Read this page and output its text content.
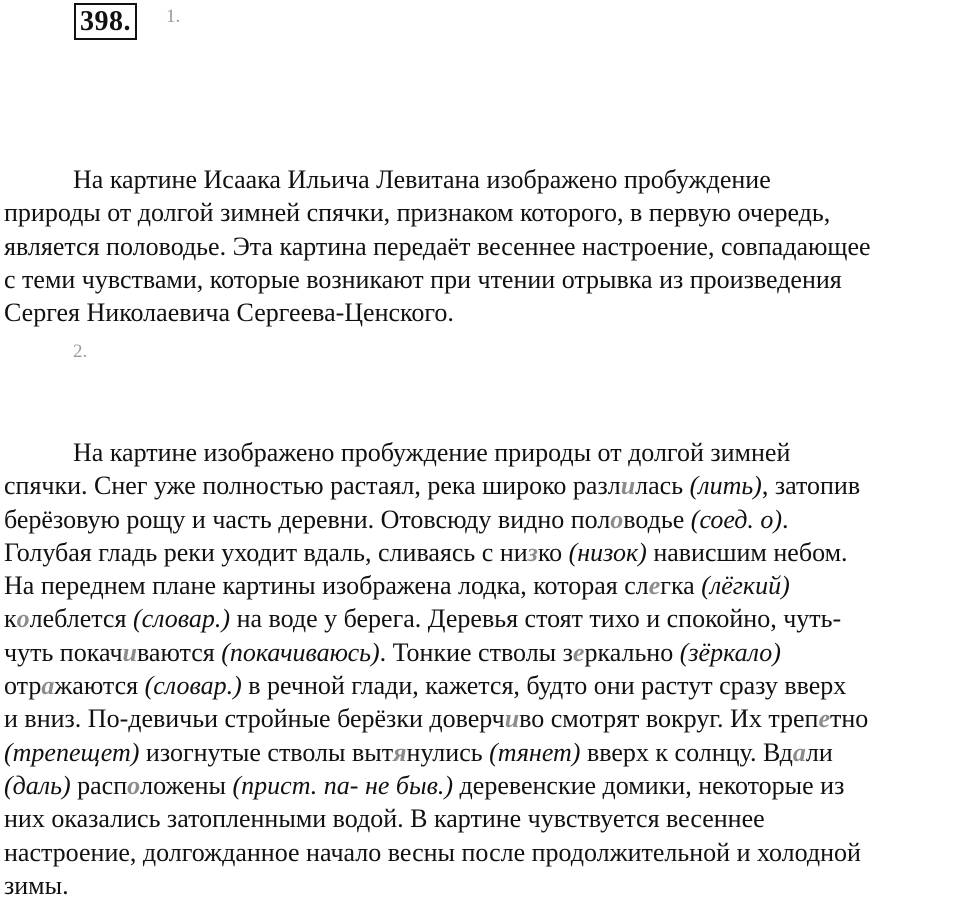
398.	1.

На картине Исаака Ильича Левитана изображено пробуждение
природы от долгой зимней спячки, признаком которого, в первую очередь,
является половодье. Эта картина передаёт весеннее настроение, совпадающее
с теми чувствами, которые возникают при чтении отрывка из произведения
Сергея Николаевича Сергеева-Ценского.

2.

На картине изображено пробуждение природы от долгой зимней
спячки. Снег уже полностью растаял, река широко разлилась (лить), затопив
берёзовую рощу и часть деревни. Отовсюду видно половодье (соед. о).
Голубая гладь реки уходит вдаль, сливаясь с низко (низок) нависшим небом.
На переднем плане картины изображена лодка, которая слегка (лёгкий)
колеблется (словар.) на воде у берега. Деревья стоят тихо и спокойно, чуть-
чуть покачиваются (покачиваюсь). Тонкие стволы зеркально (зёркало)
отражаются (словар.) в речной глади, кажется, будто они растут сразу вверх
и вниз. По-девичьи стройные берёзки доверчиво смотрят вокруг. Их трепетно
(трепещет) изогнутые стволы вытянулись (тянет) вверх к солнцу. Вдали
(даль) расположены (прист. па- не быв.) деревенские домики, некоторые из
них оказались затопленными водой. В картине чувствуется весеннее
настроение, долгожданное начало весны после продолжительной и холодной
зимы.
